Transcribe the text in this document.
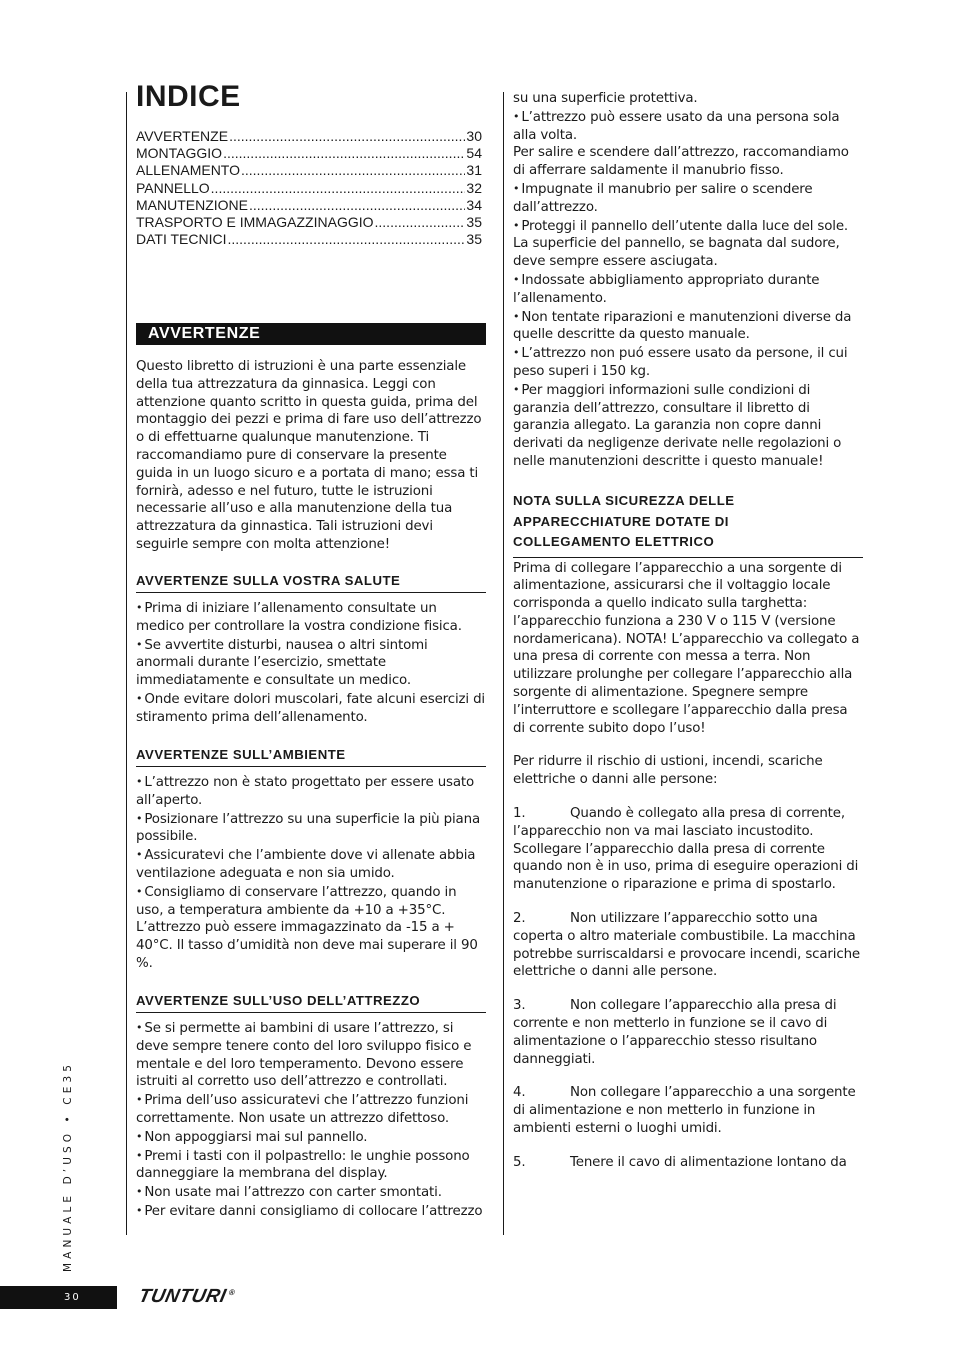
INDICE
AVVERTENZE .....	30
MONTAGGIO .....	54
ALLENAMENTO .....	31
PANNELLO .....	32
MANUTENZIONE .....	34
TRASPORTO E IMMAGAZZINAGGIO .....	35
DATI TECNICI .....	35
AVVERTENZE

Questo libretto di istruzioni è una parte essenziale della tua attrezzatura da ginnasica. Leggi con attenzione quanto scritto in questa guida, prima del montaggio dei pezzi e prima di fare uso dell’attrezzo o di effettuarne qualunque manutenzione. Ti raccomandiamo pure di conservare la presente guida in un luogo sicuro e a portata di mano; essa ti fornirà, adesso e nel futuro, tutte le istruzioni necessarie all’uso e alla manutenzione della tua attrezzatura da ginnastica. Tali istruzioni devi seguirle sempre con molta attenzione!

AVVERTENZE SULLA VOSTRA SALUTE
• Prima di iniziare l’allenamento consultate un medico per controllare la vostra condizione fisica.
• Se avvertite disturbi, nausea o altri sintomi anormali durante l’esercizio, smettate immediatamente e consultate un medico.
• Onde evitare dolori muscolari, fate alcuni esercizi di stiramento prima dell’allenamento.
AVVERTENZE SULL’AMBIENTE
• L’attrezzo non è stato progettato per essere usato all’aperto.
• Posizionare l’attrezzo su una superficie la più piana possibile.
• Assicuratevi che l’ambiente dove vi allenate abbia ventilazione adeguata e non sia umido.
• Consigliamo di conservare l’attrezzo, quando in uso, a temperatura ambiente da +10 a +35°C. L’attrezzo può essere immagazzinato da -15 a + 40°C. Il tasso d’umidità non deve mai superare il 90 %.
AVVERTENZE SULL’USO DELL’ATTREZZO
• Se si permette ai bambini di usare l’attrezzo, si deve sempre tenere conto del loro sviluppo fisico e mentale e del loro temperamento. Devono essere istruiti al corretto uso dell’attrezzo e controllati.
• Prima dell’uso assicuratevi che l’attrezzo funzioni correttamente. Non usate un attrezzo difettoso.
• Non appoggiarsi mai sul pannello.
• Premi i tasti con il polpastrello: le unghie possono danneggiare la membrana del display.
• Non usate mai l’attrezzo con carter smontati.
• Per evitare danni consigliamo di collocare l’attrezzo
su una superficie protettiva.
• L’attrezzo può essere usato da una persona sola alla volta.
Per salire e scendere dall’attrezzo, raccomandiamo di afferrare saldamente il manubrio fisso.
• Impugnate il manubrio per salire o scendere dall’attrezzo.
• Proteggi il pannello dell’utente dalla luce del sole. La superficie del pannello, se bagnata dal sudore, deve sempre essere asciugata.
• Indossate abbigliamento appropriato durante l’allenamento.
• Non tentate riparazioni e manutenzioni diverse da quelle descritte da questo manuale.
• L’attrezzo non puó essere usato da persone, il cui peso superi i 150 kg.
• Per maggiori informazioni sulle condizioni di garanzia dell’attrezzo, consultare il libretto di garanzia allegato. La garanzia non copre danni derivati da negligenze derivate nelle regolazioni o nelle manutenzioni descritte i questo manuale!
NOTA SULLA SICUREZZA DELLE
APPARECCHIATURE DOTATE DI
COLLEGAMENTO ELETTRICO
Prima di collegare l’apparecchio a una sorgente di alimentazione, assicurarsi che il voltaggio locale corrisponda a quello indicato sulla targhetta: l’apparecchio funziona a 230 V o 115 V (versione nordamericana). NOTA! L’apparecchio va collegato a una presa di corrente con messa a terra. Non utilizzare prolunghe per collegare l’apparecchio alla sorgente di alimentazione. Spegnere sempre l’interruttore e scollegare l’apparecchio dalla presa di corrente subito dopo l’uso!
Per ridurre il rischio di ustioni, incendi, scariche elettriche o danni alle persone:
1.	Quando è collegato alla presa di corrente, l’apparecchio non va mai lasciato incustodito. Scollegare l’apparecchio dalla presa di corrente quando non è in uso, prima di eseguire operazioni di manutenzione o riparazione e prima di spostarlo.
2.	Non utilizzare l’apparecchio sotto una coperta o altro materiale combustibile. La macchina potrebbe surriscaldarsi e provocare incendi, scariche elettriche o danni alle persone.
3.	Non collegare l’apparecchio alla presa di corrente e non metterlo in funzione se il cavo di alimentazione o l’apparecchio stesso risultano danneggiati.
4.	Non collegare l’apparecchio a una sorgente di alimentazione e non metterlo in funzione in ambienti esterni o luoghi umidi.
5.	Tenere il cavo di alimentazione lontano da
MANUALE D’USO • CE35
30	TUNTURI®
